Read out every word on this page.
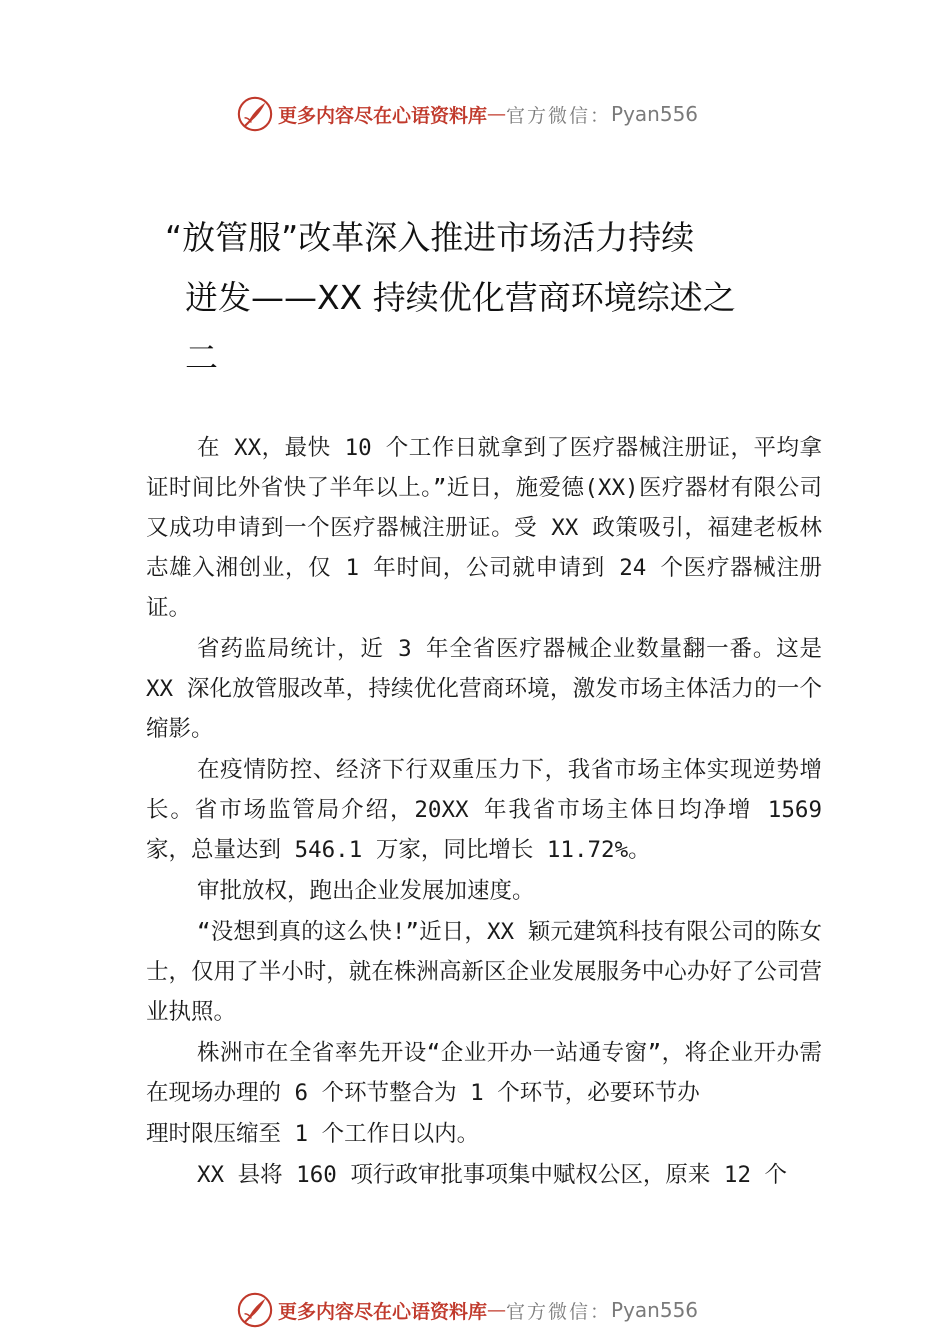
更多内容尽在心语资料库 — 官方微信： Pyan556
“放管服”改革深入推进市场活力持续
迸发——XX 持续优化营商环境综述之
二

在 XX，最快 10 个工作日就拿到了医疗器械注册证，平均拿证时间比外省快了半年以上。”近日，施爱德(XX)医疗器材有限公司又成功申请到一个医疗器械注册证。受 XX 政策吸引，福建老板林志雄入湘创业，仅 1 年时间，公司就申请到 24 个医疗器械注册证。

省药监局统计，近 3 年全省医疗器械企业数量翻一番。这是 XX 深化放管服改革，持续优化营商环境，激发市场主体活力的一个缩影。

在疫情防控、经济下行双重压力下，我省市场主体实现逆势增长。省市场监管局介绍，20XX 年我省市场主体日均净增 1569 家，总量达到 546.1 万家，同比增长 11.72%。

审批放权，跑出企业发展加速度。

“没想到真的这么快!”近日，XX 颖元建筑科技有限公司的陈女士，仅用了半小时，就在株洲高新区企业发展服务中心办好了公司营业执照。

株洲市在全省率先开设“企业开办一站通专窗”，将企业开办需在现场办理的 6 个环节整合为 1 个环节，必要环节办

理时限压缩至 1 个工作日以内。

XX 县将 160 项行政审批事项集中赋权公区，原来 12 个

更多内容尽在心语资料库 — 官方微信： Pyan556
